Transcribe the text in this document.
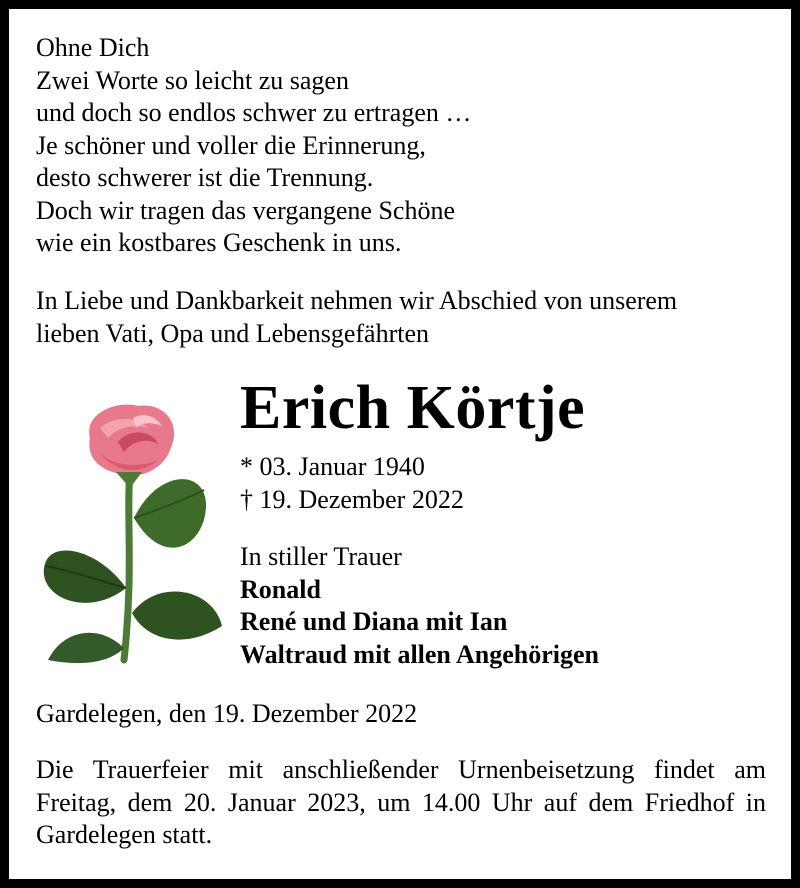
Ohne Dich
Zwei Worte so leicht zu sagen
und doch so endlos schwer zu ertragen …
Je schöner und voller die Erinnerung,
desto schwerer ist die Trennung.
Doch wir tragen das vergangene Schöne
wie ein kostbares Geschenk in uns.
In Liebe und Dankbarkeit nehmen wir Abschied von unserem
lieben Vati, Opa und Lebensgefährten

Erich Körtje

* 03. Januar 1940
† 19. Dezember 2022
In stiller Trauer
Ronald
René und Diana mit Ian
Waltraud mit allen Angehörigen

Gardelegen, den 19. Dezember 2022

Die Trauerfeier mit anschließender Urnenbeisetzung findet am Freitag, dem 20. Januar 2023, um 14.00 Uhr auf dem Friedhof in Gardelegen statt.
